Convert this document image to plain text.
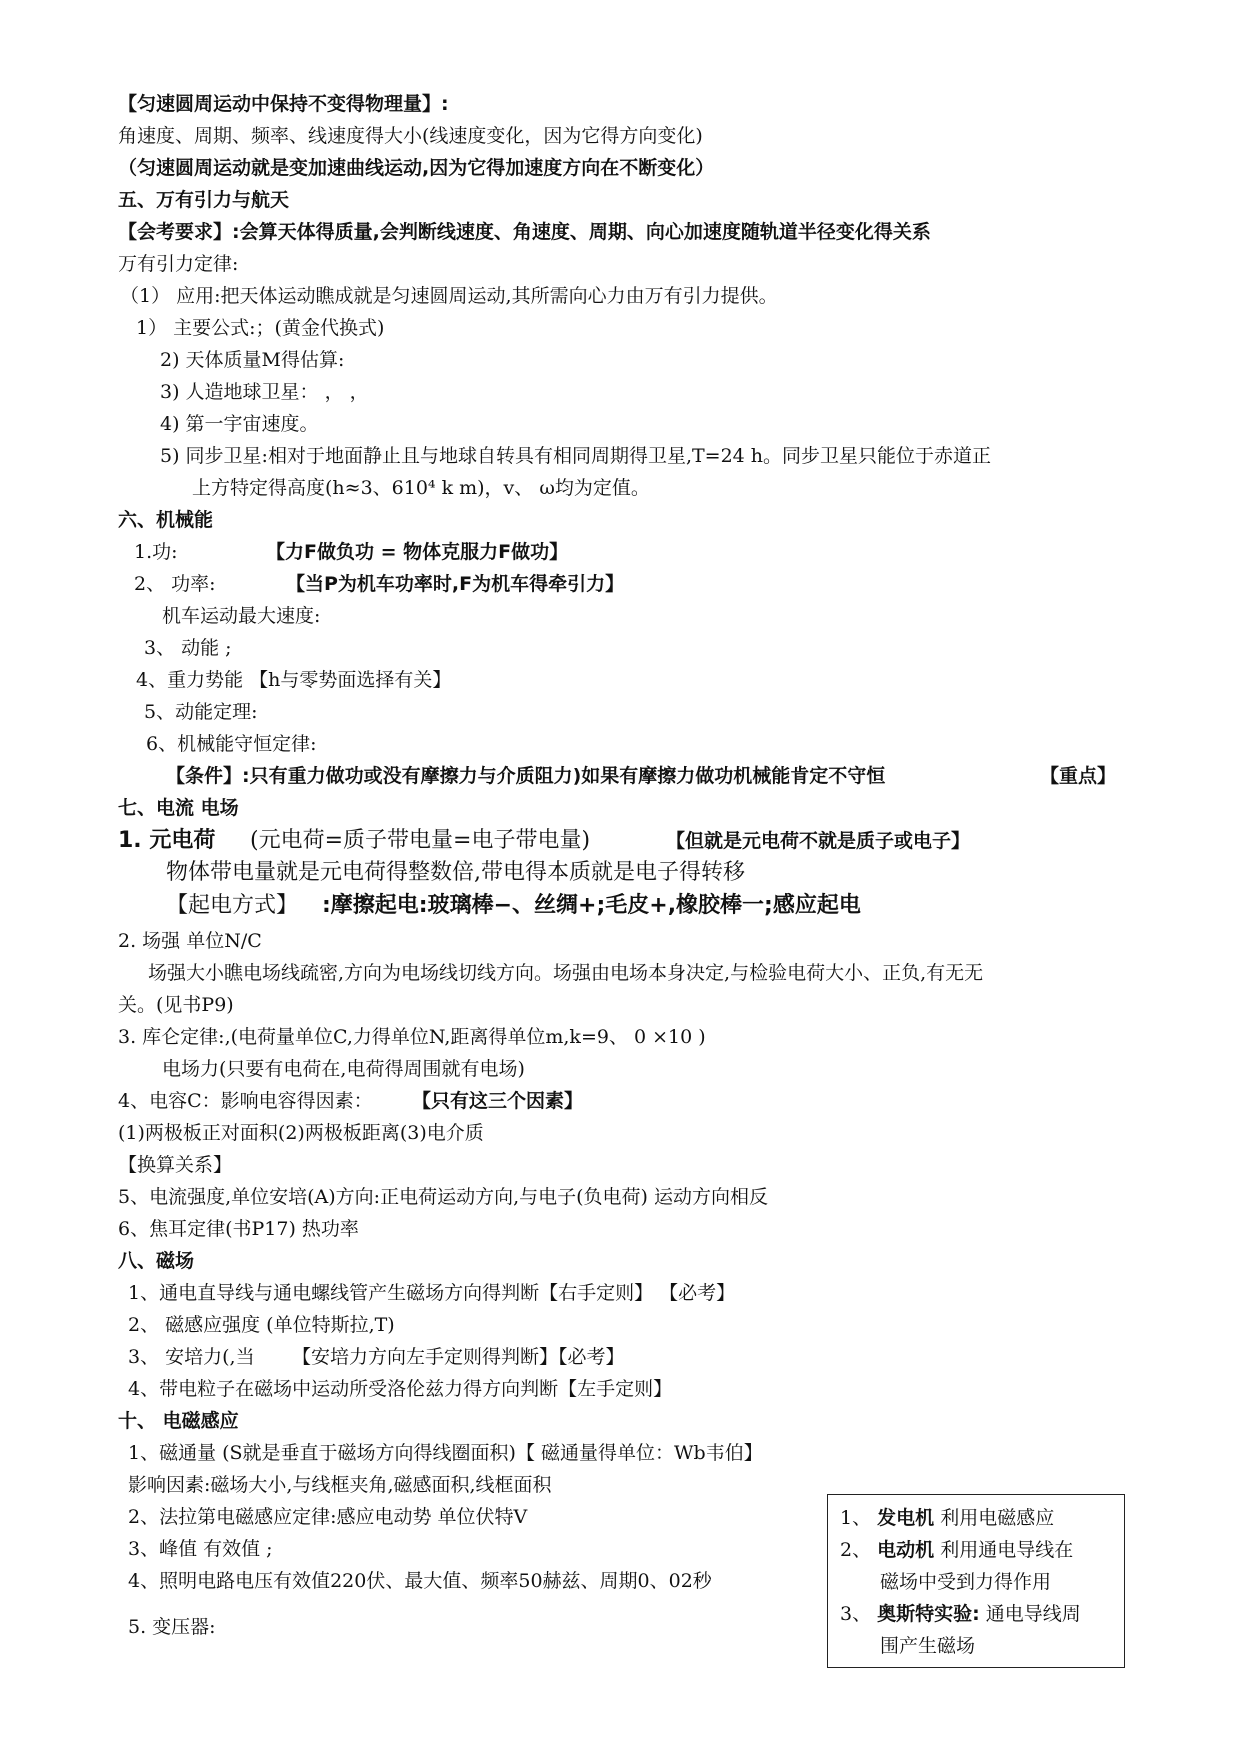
【匀速圆周运动中保持不变得物理量】:
角速度、周期、频率、线速度得大小(线速度变化，因为它得方向变化)
（匀速圆周运动就是变加速曲线运动,因为它得加速度方向在不断变化）
五、万有引力与航天
【会考要求】:会算天体得质量,会判断线速度、角速度、周期、向心加速度随轨道半径变化得关系
万有引力定律:
（1） 应用:把天体运动瞧成就是匀速圆周运动,其所需向心力由万有引力提供。
1） 主要公式:；(黄金代换式)
2) 天体质量M得估算:
3) 人造地球卫星： ， ，
4) 第一宇宙速度。
5) 同步卫星:相对于地面静止且与地球自转具有相同周期得卫星,T=24 h。同步卫星只能位于赤道正
上方特定得高度(h≈3、610⁴ k m)，v、 ω均为定值。
六、机械能
1.功:	【力F做负功 = 物体克服力F做功】
2、 功率:	【当P为机车功率时,F为机车得牵引力】
机车运动最大速度:
3、 动能 ;
4、重力势能 【h与零势面选择有关】
5、动能定理:
6、机械能守恒定律:
【条件】:只有重力做功或没有摩擦力与介质阻力)如果有摩擦力做功机械能肯定不守恒	【重点】
七、电流 电场
1. 元电荷 (元电荷=质子带电量=电子带电量)	【但就是元电荷不就是质子或电子】
物体带电量就是元电荷得整数倍,带电得本质就是电子得转移
【起电方式】 :摩擦起电:玻璃棒−、丝绸+;毛皮+,橡胶棒一;感应起电
2. 场强 单位N/C
场强大小瞧电场线疏密,方向为电场线切线方向。场强由电场本身决定,与检验电荷大小、正负,有无无
关。(见书P9)
3. 库仑定律:,(电荷量单位C,力得单位N,距离得单位m,k=9、 0 ×10 )
电场力(只要有电荷在,电荷得周围就有电场)
4、电容C：影响电容得因素： 【只有这三个因素】
(1)两极板正对面积(2)两极板距离(3)电介质
【换算关系】
5、电流强度,单位安培(A)方向:正电荷运动方向,与电子(负电荷) 运动方向相反
6、焦耳定律(书P17) 热功率
八、磁场
1、通电直导线与通电螺线管产生磁场方向得判断【右手定则】 【必考】
2、 磁感应强度 (单位特斯拉,T)
3、 安培力(,当 【安培力方向左手定则得判断】【必考】
4、带电粒子在磁场中运动所受洛伦兹力得方向判断【左手定则】
十、 电磁感应
1、磁通量 (S就是垂直于磁场方向得线圈面积)【 磁通量得单位：Wb韦伯】
影响因素:磁场大小,与线框夹角,磁感面积,线框面积
2、法拉第电磁感应定律:感应电动势 单位伏特V
3、峰值 有效值 ;
4、照明电路电压有效值220伏、最大值、频率50赫兹、周期0、02秒
5. 变压器:
1、 发电机 利用电磁感应
2、 电动机 利用通电导线在
磁场中受到力得作用
3、 奥斯特实验: 通电导线周
围产生磁场
